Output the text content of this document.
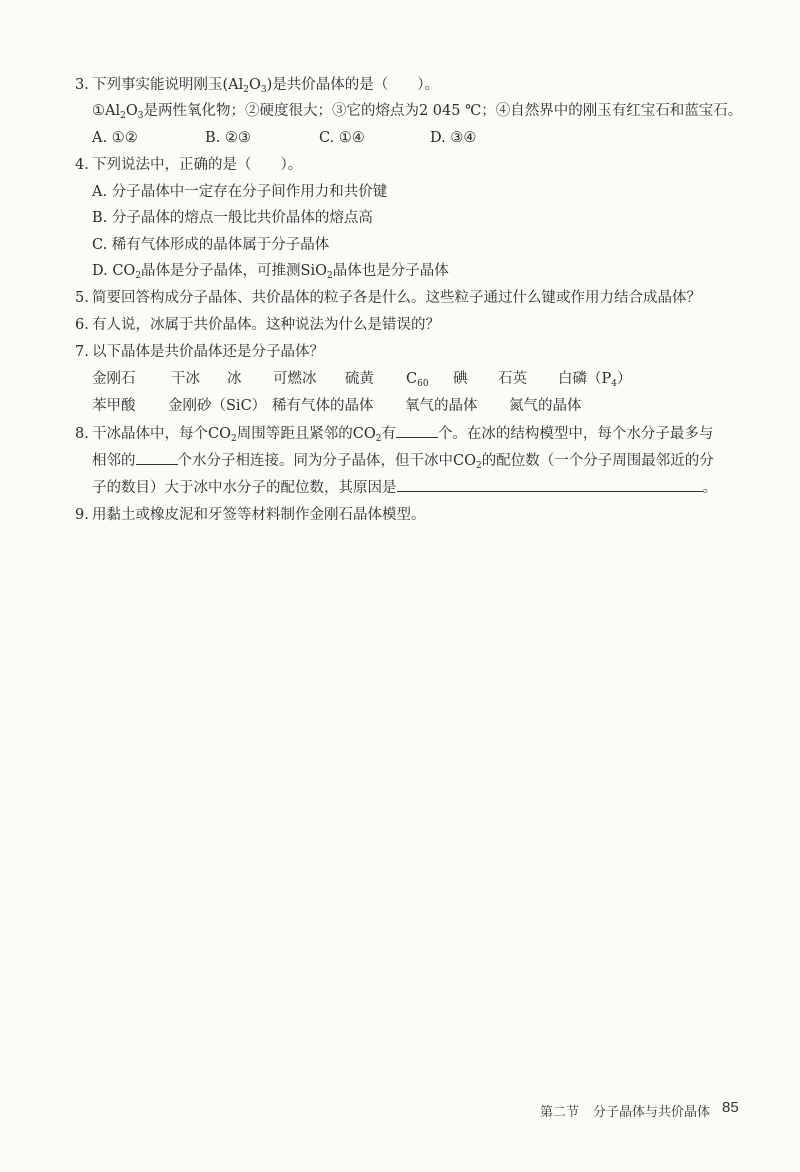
3. 下列事实能说明刚玉$(Al_2O_3)$是共价晶体的是（　　）。
$①Al_2O_3$是两性氧化物；②硬度很大；③它的熔点为2 045 ℃；④自然界中的刚玉有红宝石和蓝宝石。
A. ①②	B. ②③	C. ①④	D. ③④
4. 下列说法中，正确的是（　　）。
A. 分子晶体中一定存在分子间作用力和共价键
B. 分子晶体的熔点一般比共价晶体的熔点高
C. 稀有气体形成的晶体属于分子晶体
D. $CO_2$晶体是分子晶体，可推测SiO$_2$晶体也是分子晶体
5. 简要回答构成分子晶体、共价晶体的粒子各是什么。这些粒子通过什么键或作用力结合成晶体？
6. 有人说，冰属于共价晶体。这种说法为什么是错误的？
7. 以下晶体是共价晶体还是分子晶体？
金刚石 干冰 冰 可燃冰 硫黄 $C_{60}$ 碘 石英 白磷$(P_4)$
苯甲酸 金刚砂（SiC） 稀有气体的晶体 氧气的晶体 氮气的晶体
8. 干冰晶体中，每个$CO_2$周围等距且紧邻的$CO_2$有	个。在冰的结构模型中，每个水分子最多与
相邻的	个水分子相连接。同为分子晶体，但干冰中$CO_2$的配位数（一个分子周围最邻近的分
子的数目）大于冰中水分子的配位数，其原因是	。
9. 用黏土或橡皮泥和牙签等材料制作金刚石晶体模型。
第二节 分子晶体与共价晶体 85
